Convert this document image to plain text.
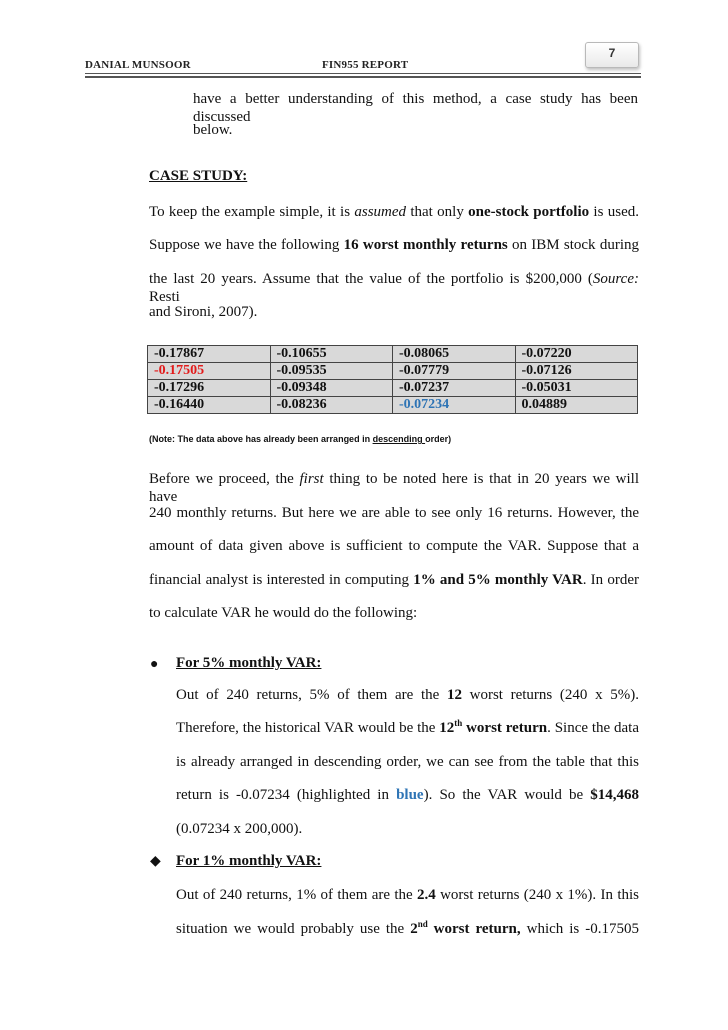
DANIAL MUNSOOR	FIN955 REPORT
7
have a better understanding of this method, a case study has been discussed
below.
CASE STUDY:
To keep the example simple, it is assumed that only one-stock portfolio is used.
Suppose we have the following 16 worst monthly returns on IBM stock during
the last 20 years. Assume that the value of the portfolio is $200,000 (Source: Resti
and Sironi, 2007).
-0.17867	-0.10655	-0.08065	-0.07220
-0.17505	-0.09535	-0.07779	-0.07126
-0.17296	-0.09348	-0.07237	-0.05031
-0.16440	-0.08236	-0.07234	0.04889
(Note: The data above has already been arranged in descending order)
Before we proceed, the first thing to be noted here is that in 20 years we will have
240 monthly returns. But here we are able to see only 16 returns. However, the
amount of data given above is sufficient to compute the VAR. Suppose that a
financial analyst is interested in computing 1% and 5% monthly VAR. In order
to calculate VAR he would do the following:
● For 5% monthly VAR:
Out of 240 returns, 5% of them are the 12 worst returns (240 x 5%).
Therefore, the historical VAR would be the 12th worst return. Since the data
is already arranged in descending order, we can see from the table that this
return is -0.07234 (highlighted in blue). So the VAR would be $14,468
(0.07234 x 200,000).
◆ For 1% monthly VAR:
Out of 240 returns, 1% of them are the 2.4 worst returns (240 x 1%). In this
situation we would probably use the 2nd worst return, which is -0.17505
